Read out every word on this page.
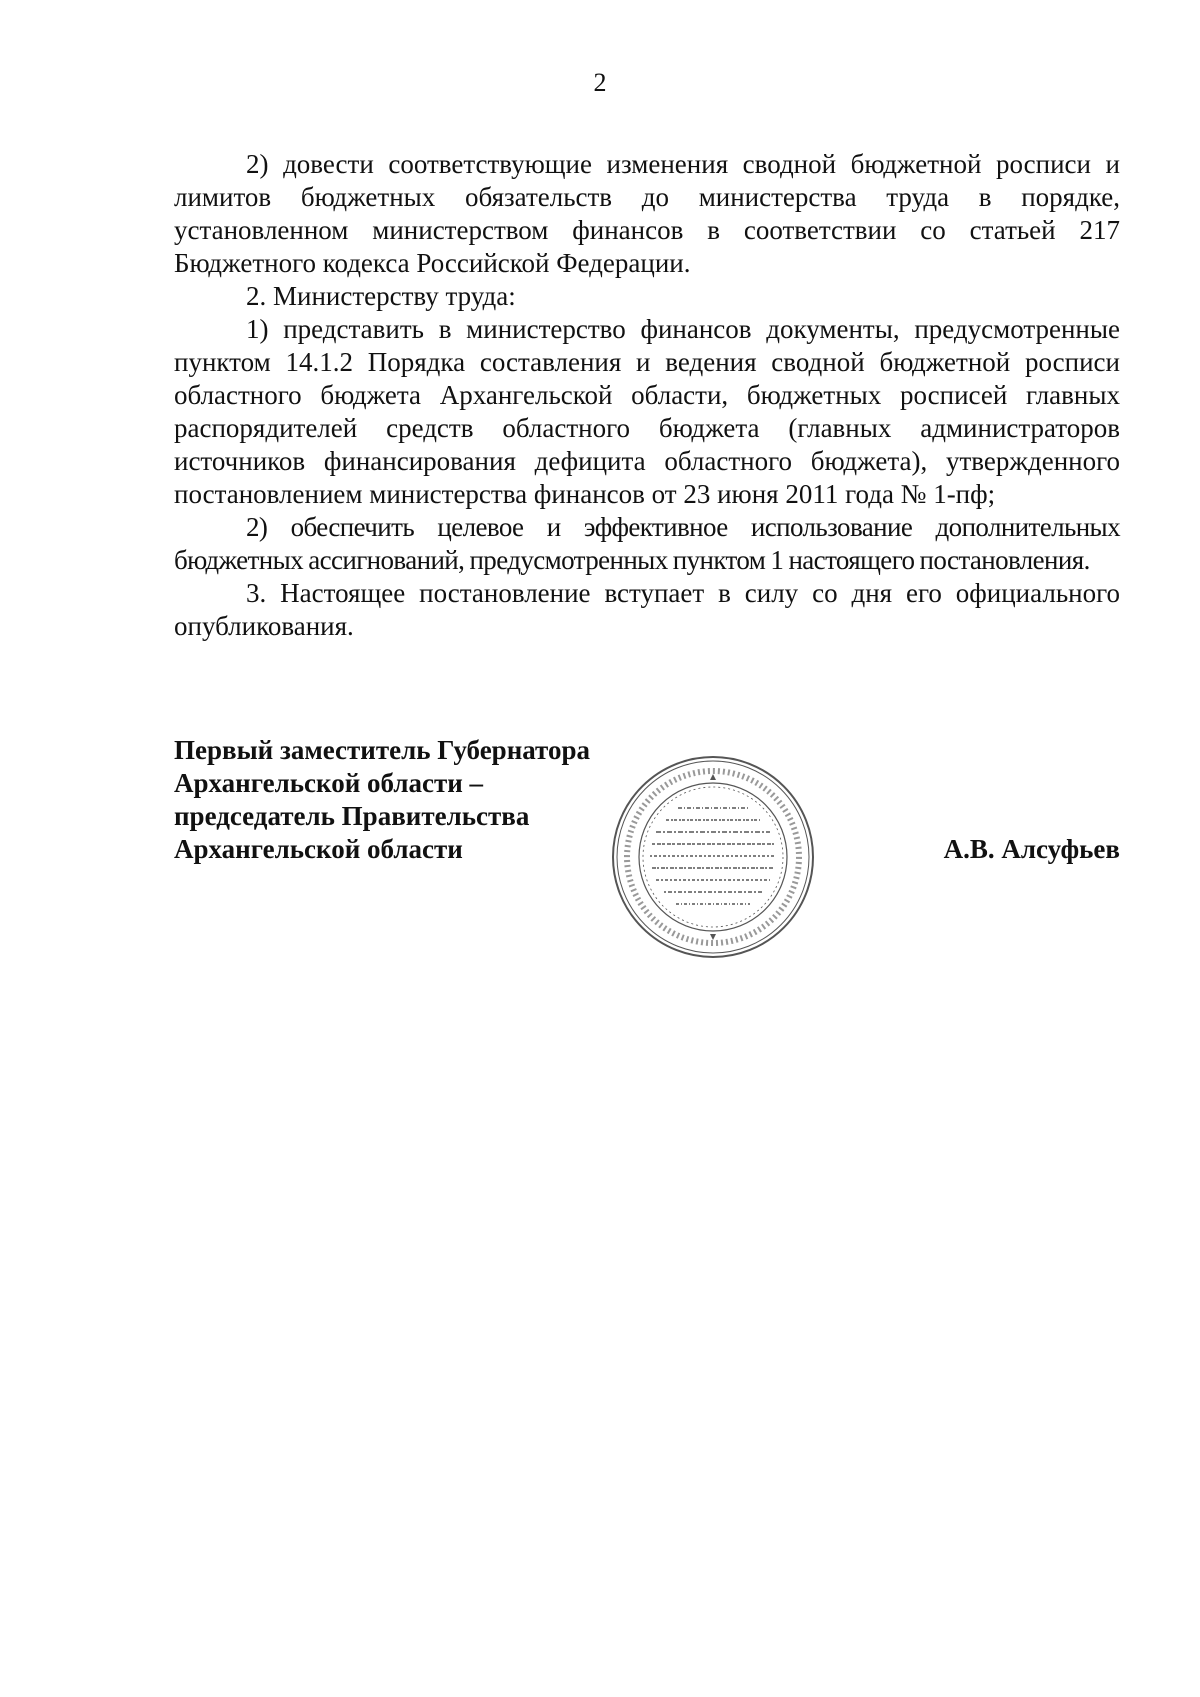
2

2) довести соответствующие изменения сводной бюджетной росписи и лимитов бюджетных обязательств до министерства труда в порядке, установленном министерством финансов в соответствии со статьей 217 Бюджетного кодекса Российской Федерации.

2. Министерству труда:

1) представить в министерство финансов документы, предусмотренные пунктом 14.1.2 Порядка составления и ведения сводной бюджетной росписи областного бюджета Архангельской области, бюджетных росписей главных распорядителей средств областного бюджета (главных администраторов источников финансирования дефицита областного бюджета), утвержденного постановлением министерства финансов от 23 июня 2011 года № 1-пф;

2) обеспечить целевое и эффективное использование дополнительных бюджетных ассигнований, предусмотренных пунктом 1 настоящего постановления.

3. Настоящее постановление вступает в силу со дня его официального опубликования.

Первый заместитель Губернатора
Архангельской области –
председатель Правительства
Архангельской области	А.В. Алсуфьев
